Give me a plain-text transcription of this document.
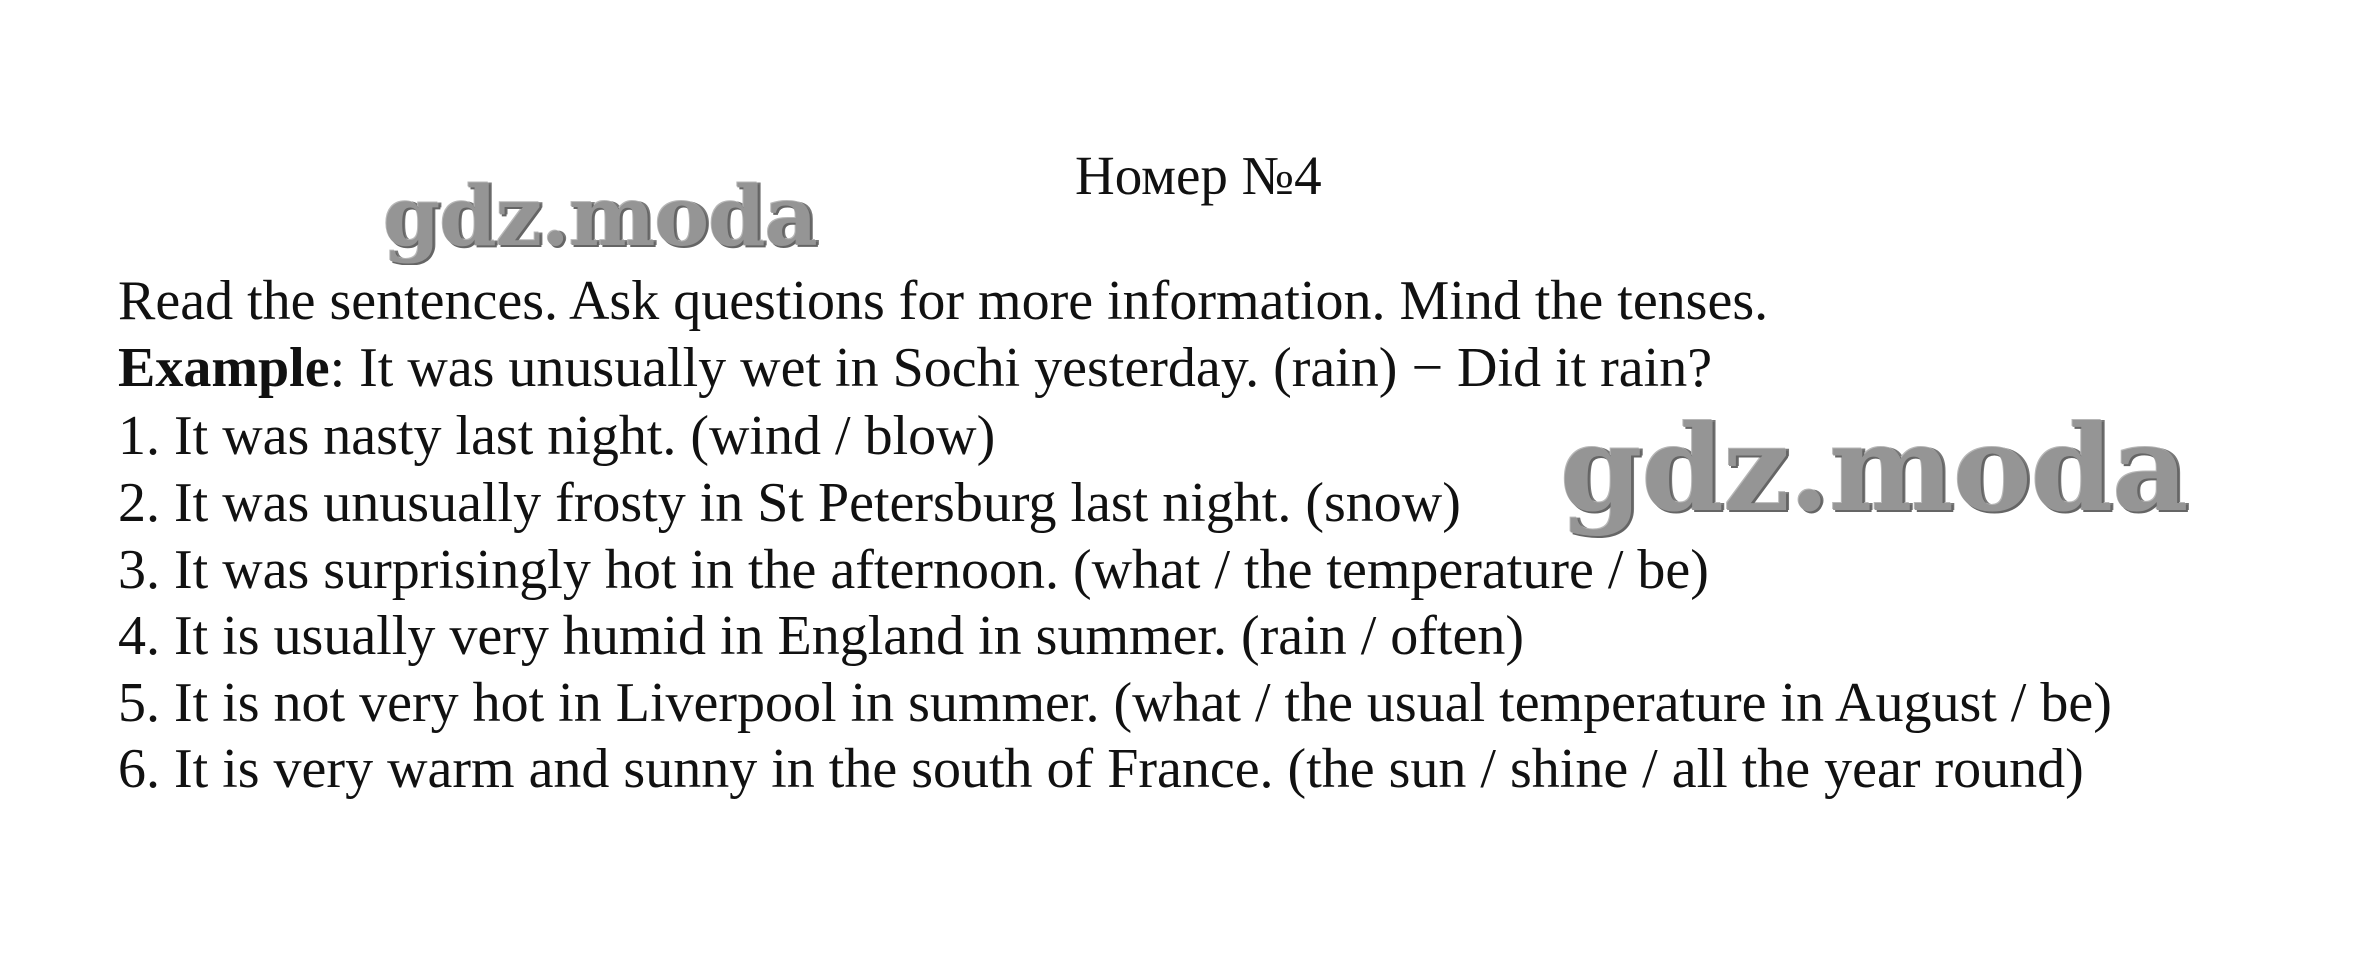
Номер №4
gdz.moda
Read the sentences. Ask questions for more information. Mind the tenses.
Example: It was unusually wet in Sochi yesterday. (rain) − Did it rain?
1. It was nasty last night. (wind / blow)
2. It was unusually frosty in St Petersburg last night. (snow)
3. It was surprisingly hot in the afternoon. (what / the temperature / be)
4. It is usually very humid in England in summer. (rain / often)
5. It is not very hot in Liverpool in summer. (what / the usual temperature in August / be)
6. It is very warm and sunny in the south of France. (the sun / shine / all the year round)
gdz.moda
